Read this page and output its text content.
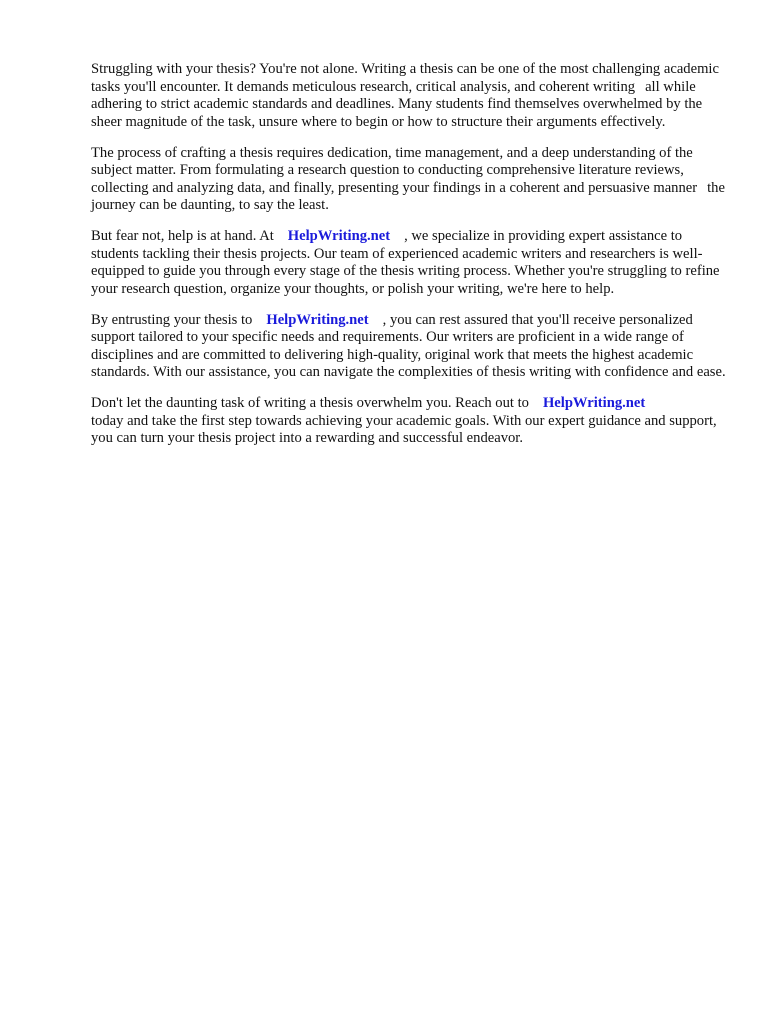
Struggling with your thesis? You're not alone. Writing a thesis can be one of the most challenging academic tasks you'll encounter. It demands meticulous research, critical analysis, and coherent writing all while adhering to strict academic standards and deadlines. Many students find themselves overwhelmed by the sheer magnitude of the task, unsure where to begin or how to structure their arguments effectively.

The process of crafting a thesis requires dedication, time management, and a deep understanding of the subject matter. From formulating a research question to conducting comprehensive literature reviews, collecting and analyzing data, and finally, presenting your findings in a coherent and persuasive manner the journey can be daunting, to say the least.

But fear not, help is at hand. At HelpWriting.net , we specialize in providing expert assistance to students tackling their thesis projects. Our team of experienced academic writers and researchers is well-equipped to guide you through every stage of the thesis writing process. Whether you're struggling to refine your research question, organize your thoughts, or polish your writing, we're here to help.

By entrusting your thesis to HelpWriting.net , you can rest assured that you'll receive personalized support tailored to your specific needs and requirements. Our writers are proficient in a wide range of disciplines and are committed to delivering high-quality, original work that meets the highest academic standards. With our assistance, you can navigate the complexities of thesis writing with confidence and ease.

Don't let the daunting task of writing a thesis overwhelm you. Reach out to HelpWriting.net
today and take the first step towards achieving your academic goals. With our expert guidance and support, you can turn your thesis project into a rewarding and successful endeavor.
